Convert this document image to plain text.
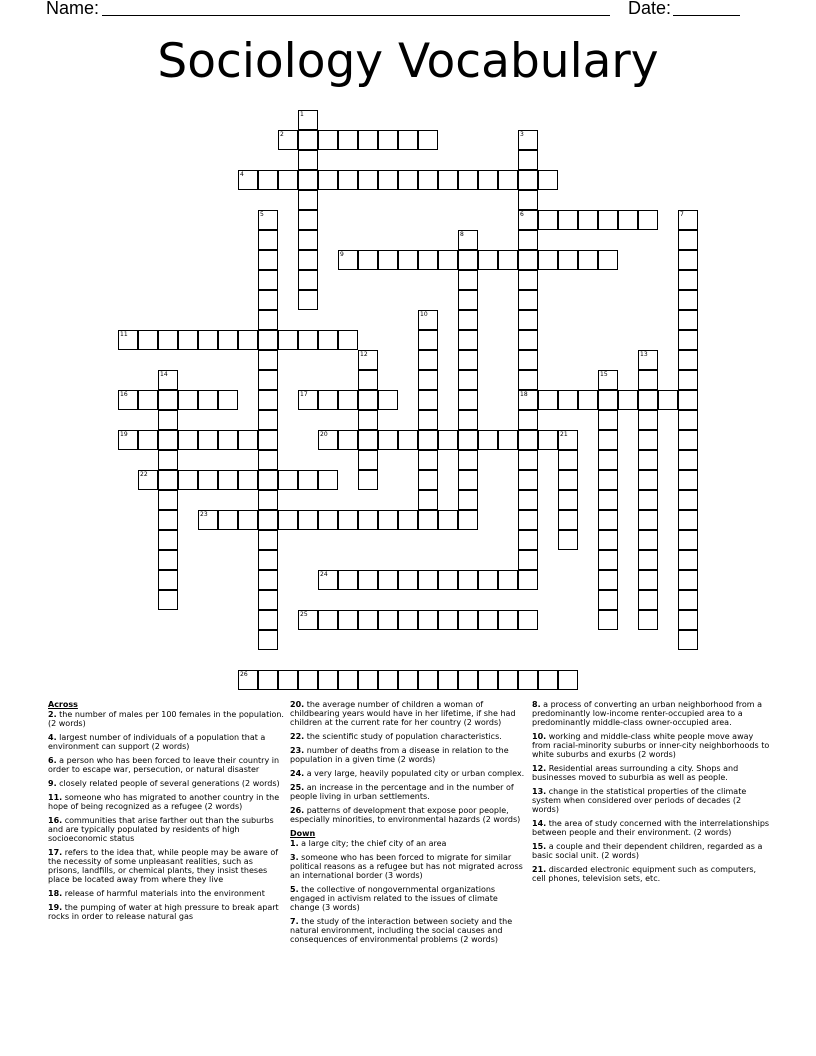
Name:	Date:
Sociology Vocabulary
1
2	3
6
18
4
5	7
8
9
10
11
12	13
14	15
16	17
19	20	21
22
23
24
25
26
Across
2. the number of males per 100 females in the population. (2 words)
4. largest number of individuals of a population that a environment can support (2 words)
6. a person who has been forced to leave their country in order to escape war, persecution, or natural disaster
9. closely related people of several generations (2 words)
11. someone who has migrated to another country in the hope of being recognized as a refugee (2 words)
16. communities that arise farther out than the suburbs and are typically populated by residents of high socioeconomic status
17. refers to the idea that, while people may be aware of the necessity of some unpleasant realities, such as prisons, landfills, or chemical plants, they insist theses place be located away from where they live
18. release of harmful materials into the environment
19. the pumping of water at high pressure to break apart rocks in order to release natural gas
20. the average number of children a woman of childbearing years would have in her lifetime, if she had children at the current rate for her country (2 words)
22. the scientific study of population characteristics.
23. number of deaths from a disease in relation to the population in a given time (2 words)
24. a very large, heavily populated city or urban complex.
25. an increase in the percentage and in the number of people living in urban settlements.
26. patterns of development that expose poor people, especially minorities, to environmental hazards (2 words)
Down
1. a large city; the chief city of an area
3. someone who has been forced to migrate for similar political reasons as a refugee but has not migrated across an international border (3 words)
5. the collective of nongovernmental organizations engaged in activism related to the issues of climate change (3 words)
7. the study of the interaction between society and the natural environment, including the social causes and consequences of environmental problems (2 words)
8. a process of converting an urban neighborhood from a predominantly low-income renter-occupied area to a predominantly middle-class owner-occupied area.
10. working and middle-class white people move away from racial-minority suburbs or inner-city neighborhoods to white suburbs and exurbs (2 words)
12. Residential areas surrounding a city. Shops and businesses moved to suburbia as well as people.
13. change in the statistical properties of the climate system when considered over periods of decades (2 words)
14. the area of study concerned with the interrelationships between people and their environment. (2 words)
15. a couple and their dependent children, regarded as a basic social unit. (2 words)
21. discarded electronic equipment such as computers, cell phones, television sets, etc.
